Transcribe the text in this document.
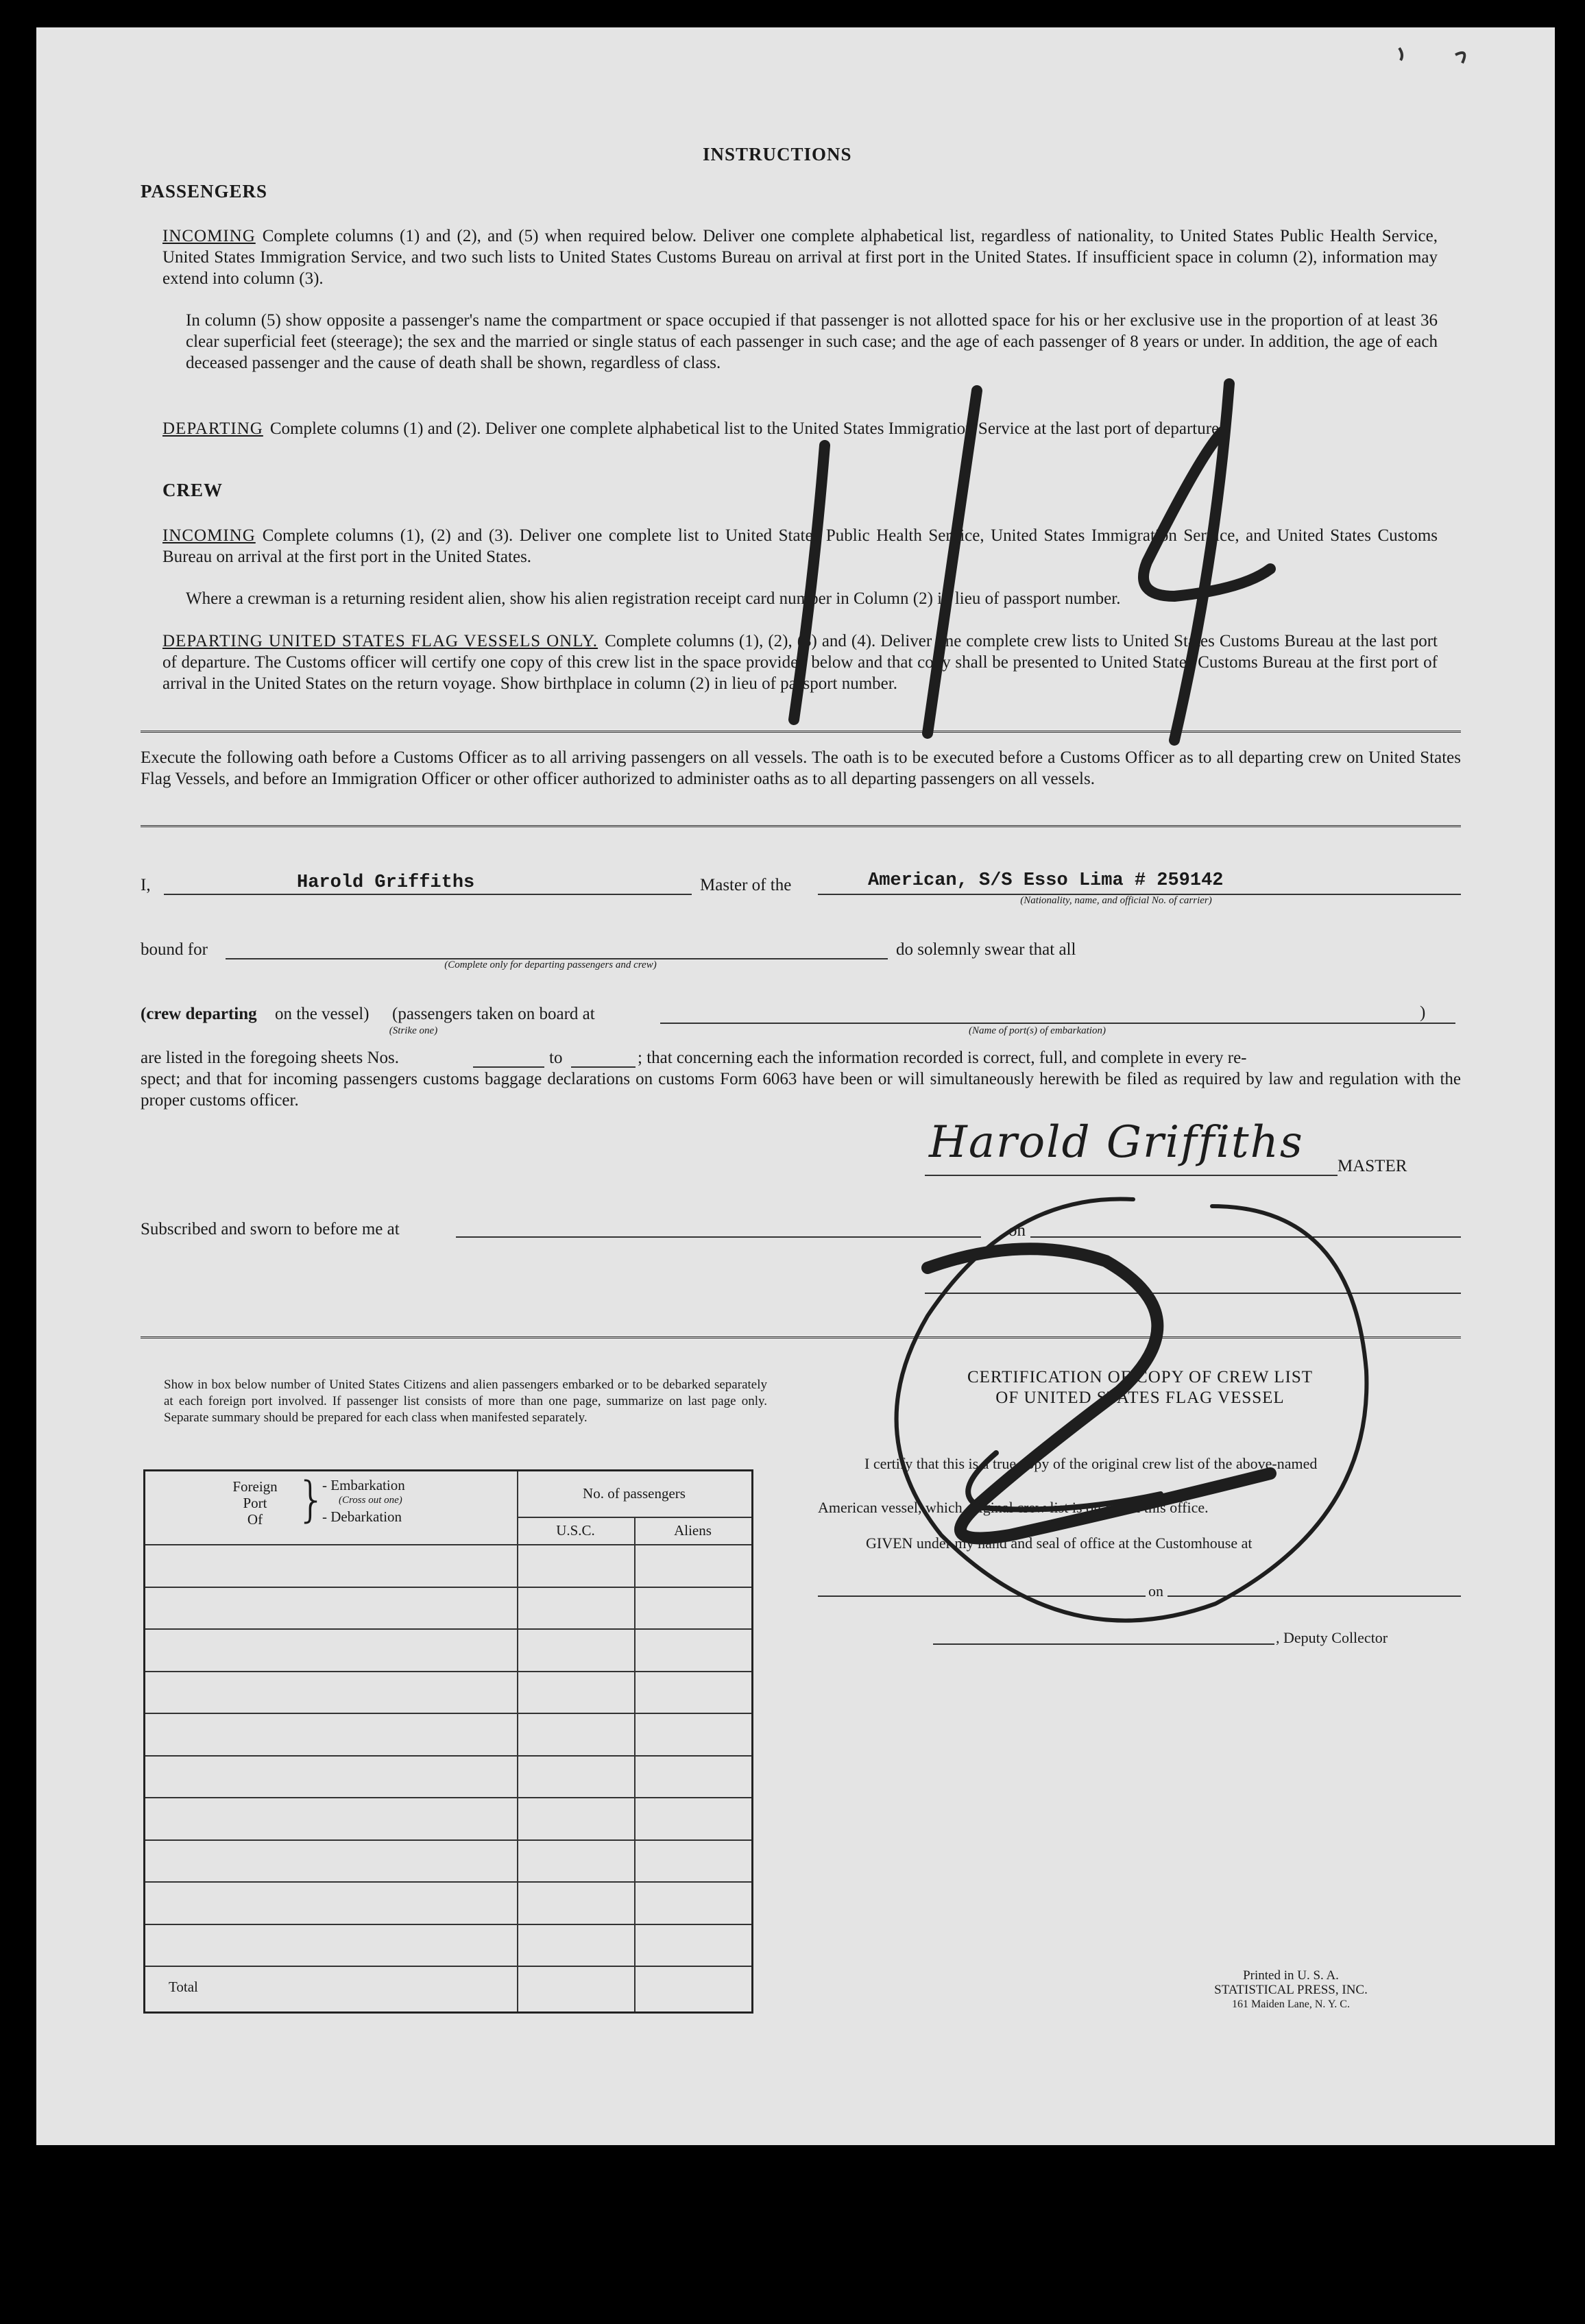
INSTRUCTIONS
PASSENGERS
INCOMING Complete columns (1) and (2), and (5) when required below. Deliver one complete alphabetical list, regardless of nationality, to United States Public Health Service, United States Immigration Service, and two such lists to United States Customs Bureau on arrival at first port in the United States. If insufficient space in column (2), information may extend into column (3).
In column (5) show opposite a passenger's name the compartment or space occupied if that passenger is not allotted space for his or her exclusive use in the proportion of at least 36 clear superficial feet (steerage); the sex and the married or single status of each passenger in such case; and the age of each passenger of 8 years or under. In addition, the age of each deceased passenger and the cause of death shall be shown, regardless of class.
DEPARTING Complete columns (1) and (2). Deliver one complete alphabetical list to the United States Immigration Service at the last port of departure.
CREW
INCOMING Complete columns (1), (2) and (3). Deliver one complete list to United States Public Health Service, United States Immigration Service, and United States Customs Bureau on arrival at the first port in the United States.
Where a crewman is a returning resident alien, show his alien registration receipt card number in Column (2) in lieu of passport number.
DEPARTING UNITED STATES FLAG VESSELS ONLY. Complete columns (1), (2), (3) and (4). Deliver one complete crew lists to United States Customs Bureau at the last port of departure. The Customs officer will certify one copy of this crew list in the space provided below and that copy shall be presented to United States Customs Bureau at the first port of arrival in the United States on the return voyage. Show birthplace in column (2) in lieu of passport number.
Execute the following oath before a Customs Officer as to all arriving passengers on all vessels. The oath is to be executed before a Customs Officer as to all departing crew on United States Flag Vessels, and before an Immigration Officer or other officer authorized to administer oaths as to all departing passengers on all vessels.
I,	Harold Griffiths	Master of the	American, S/S Esso Lima # 259142
(Nationality, name, and official No. of carrier)
bound for
(Complete only for departing passengers and crew)
do solemnly swear that all
(crew departing on the vessel) (passengers taken on board at	)
(Strike one)	(Name of port(s) of embarkation)
are listed in the foregoing sheets Nos.	to	; that concerning each the information recorded is correct, full, and complete in every re-
spect; and that for incoming passengers customs baggage declarations on customs Form 6063 have been or will simultaneously herewith be filed as required by law and regulation with the proper customs officer.
Harold Griffiths MASTER
Subscribed and sworn to before me at	on
Show in box below number of United States Citizens and alien passengers embarked or to be debarked separately at each foreign port involved. If passenger list consists of more than one page, summarize on last page only. Separate summary should be prepared for each class when manifested separately.
Foreign
Port
Of }
- Embarkation
(Cross out one)
- Debarkation
No. of passengers
U.S.C.	Aliens
Total
CERTIFICATION OF COPY OF CREW LIST
OF UNITED STATES FLAG VESSEL
I certify that this is a true copy of the original crew list of the above-named
American vessel, which original crew list is on file in this office.
GIVEN under my hand and seal of office at the Customhouse at
on
, Deputy Collector
Printed in U. S. A.
STATISTICAL PRESS, INC.
161 Maiden Lane, N. Y. C.
